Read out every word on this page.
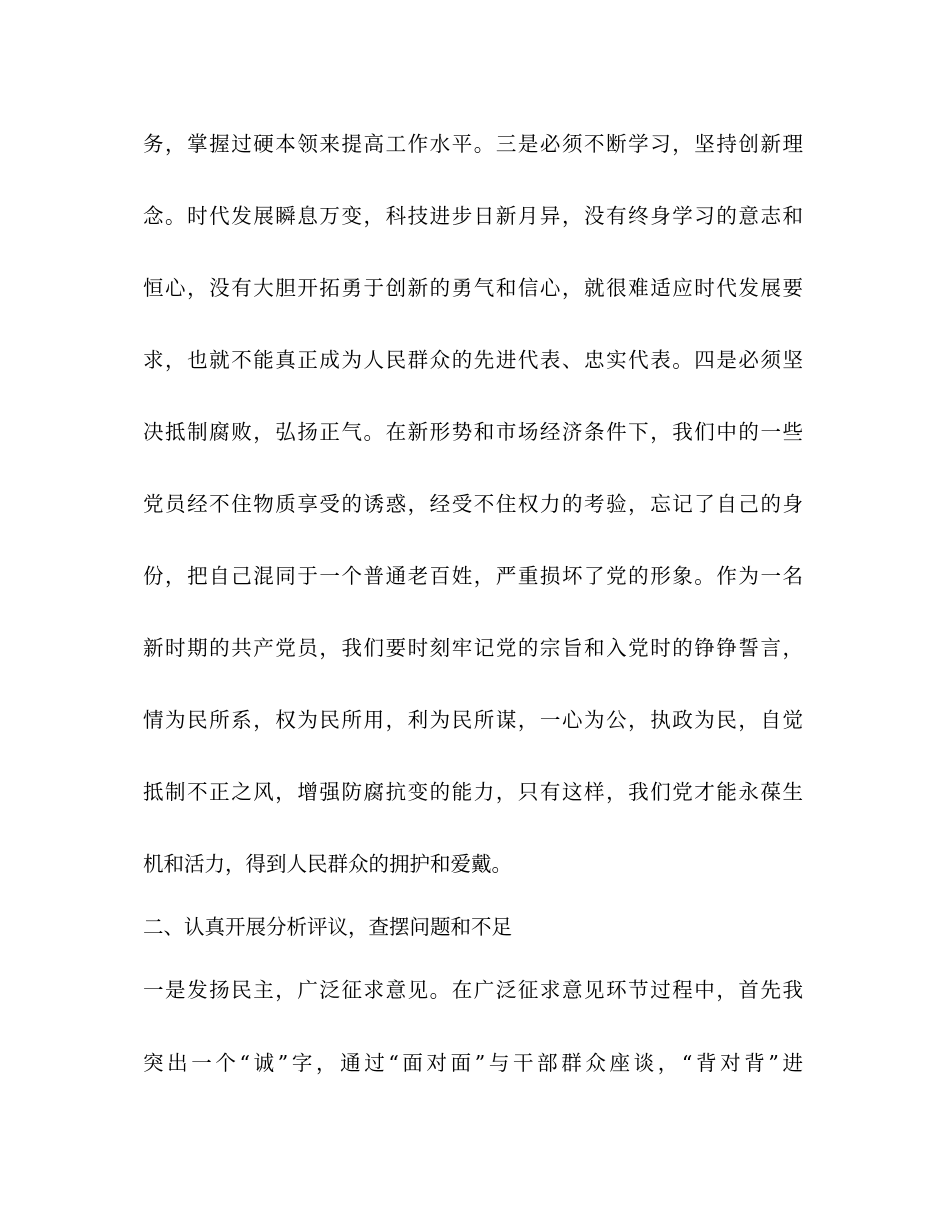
务，掌握过硬本领来提高工作水平。三是必须不断学习，坚持创新理
念。时代发展瞬息万变，科技进步日新月异，没有终身学习的意志和
恒心，没有大胆开拓勇于创新的勇气和信心，就很难适应时代发展要
求，也就不能真正成为人民群众的先进代表、忠实代表。四是必须坚
决抵制腐败，弘扬正气。在新形势和市场经济条件下，我们中的一些
党员经不住物质享受的诱惑，经受不住权力的考验，忘记了自己的身
份，把自己混同于一个普通老百姓，严重损坏了党的形象。作为一名
新时期的共产党员，我们要时刻牢记党的宗旨和入党时的铮铮誓言，
情为民所系，权为民所用，利为民所谋，一心为公，执政为民，自觉
抵制不正之风，增强防腐抗变的能力，只有这样，我们党才能永葆生
机和活力，得到人民群众的拥护和爱戴。
二、认真开展分析评议，查摆问题和不足
一是发扬民主，广泛征求意见。在广泛征求意见环节过程中，首先我
突出一个“诚”字，通过“面对面”与干部群众座谈，“背对背”进
